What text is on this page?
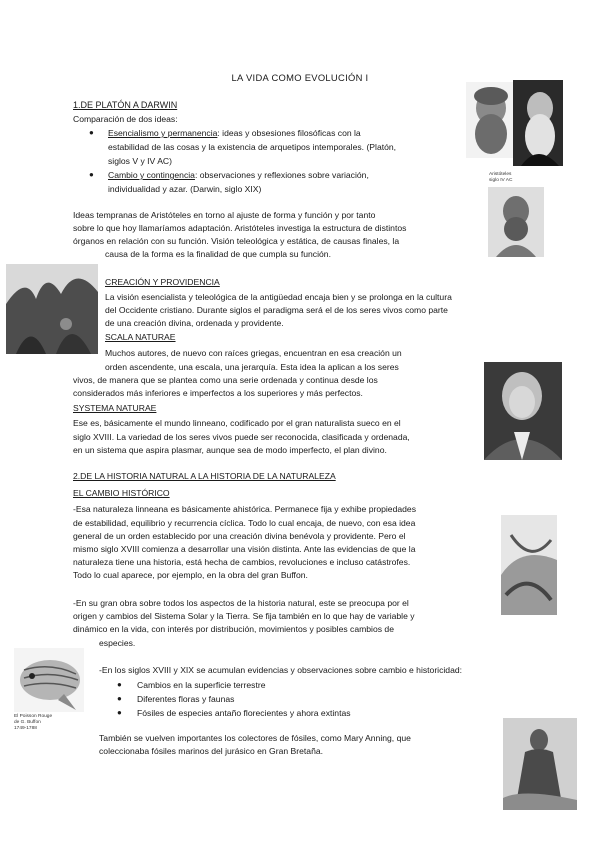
LA VIDA COMO EVOLUCIÓN I
Aristóteles
siglo IV AC
1.DE PLATÓN A DARWIN
Comparación de dos ideas:
● Esencialismo y permanencia: ideas y obsesiones filosóficas con la
estabilidad de las cosas y la existencia de arquetipos intemporales. (Platón,
siglos V y IV AC)
● Cambio y contingencia: observaciones y reflexiones sobre variación,
individualidad y azar. (Darwin, siglo XIX)
Ideas tempranas de Aristóteles en torno al ajuste de forma y función y por tanto
sobre lo que hoy llamaríamos adaptación. Aristóteles investiga la estructura de distintos
órganos en relación con su función. Visión teleológica y estática, de causas finales, la
causa de la forma es la finalidad de que cumpla su función.
CREACIÓN Y PROVIDENCIA
La visión esencialista y teleológica de la antigüedad encaja bien y se prolonga en la cultura
del Occidente cristiano. Durante siglos el paradigma será el de los seres vivos como parte
de una creación divina, ordenada y providente.
SCALA NATURAE
Muchos autores, de nuevo con raíces griegas, encuentran en esa creación un
orden ascendente, una escala, una jerarquía. Esta idea la aplican a los seres
vivos, de manera que se plantea como una serie ordenada y continua desde los
considerados más inferiores e imperfectos a los superiores y más perfectos.
SYSTEMA NATURAE
Ese es, básicamente el mundo linneano, codificado por el gran naturalista sueco en el
siglo XVIII. La variedad de los seres vivos puede ser reconocida, clasificada y ordenada,
en un sistema que aspira plasmar, aunque sea de modo imperfecto, el plan divino.
2.DE LA HISTORIA NATURAL A LA HISTORIA DE LA NATURALEZA
EL CAMBIO HISTÓRICO
-Esa naturaleza linneana es básicamente ahistórica. Permanece fija y exhibe propiedades
de estabilidad, equilibrio y recurrencia cíclica. Todo lo cual encaja, de nuevo, con esa idea
general de un orden establecido por una creación divina benévola y providente. Pero el
mismo siglo XVIII comienza a desarrollar una visión distinta. Ante las evidencias de que la
naturaleza tiene una historia, está hecha de cambios, revoluciones e incluso catástrofes.
Todo lo cual aparece, por ejemplo, en la obra del gran Buffon.
-En su gran obra sobre todos los aspectos de la historia natural, este se preocupa por el
origen y cambios del Sistema Solar y la Tierra. Se fija también en lo que hay de variable y
dinámico en la vida, con interés por distribución, movimientos y posibles cambios de
especies.
El Poisson Rouge
de G. Buffon
1749-1788
-En los siglos XVIII y XIX se acumulan evidencias y observaciones sobre cambio e historicidad:
● Cambios en la superficie terrestre
● Diferentes floras y faunas
● Fósiles de especies antaño florecientes y ahora extintas
También se vuelven importantes los colectores de fósiles, como Mary Anning, que
coleccionaba fósiles marinos del jurásico en Gran Bretaña.
